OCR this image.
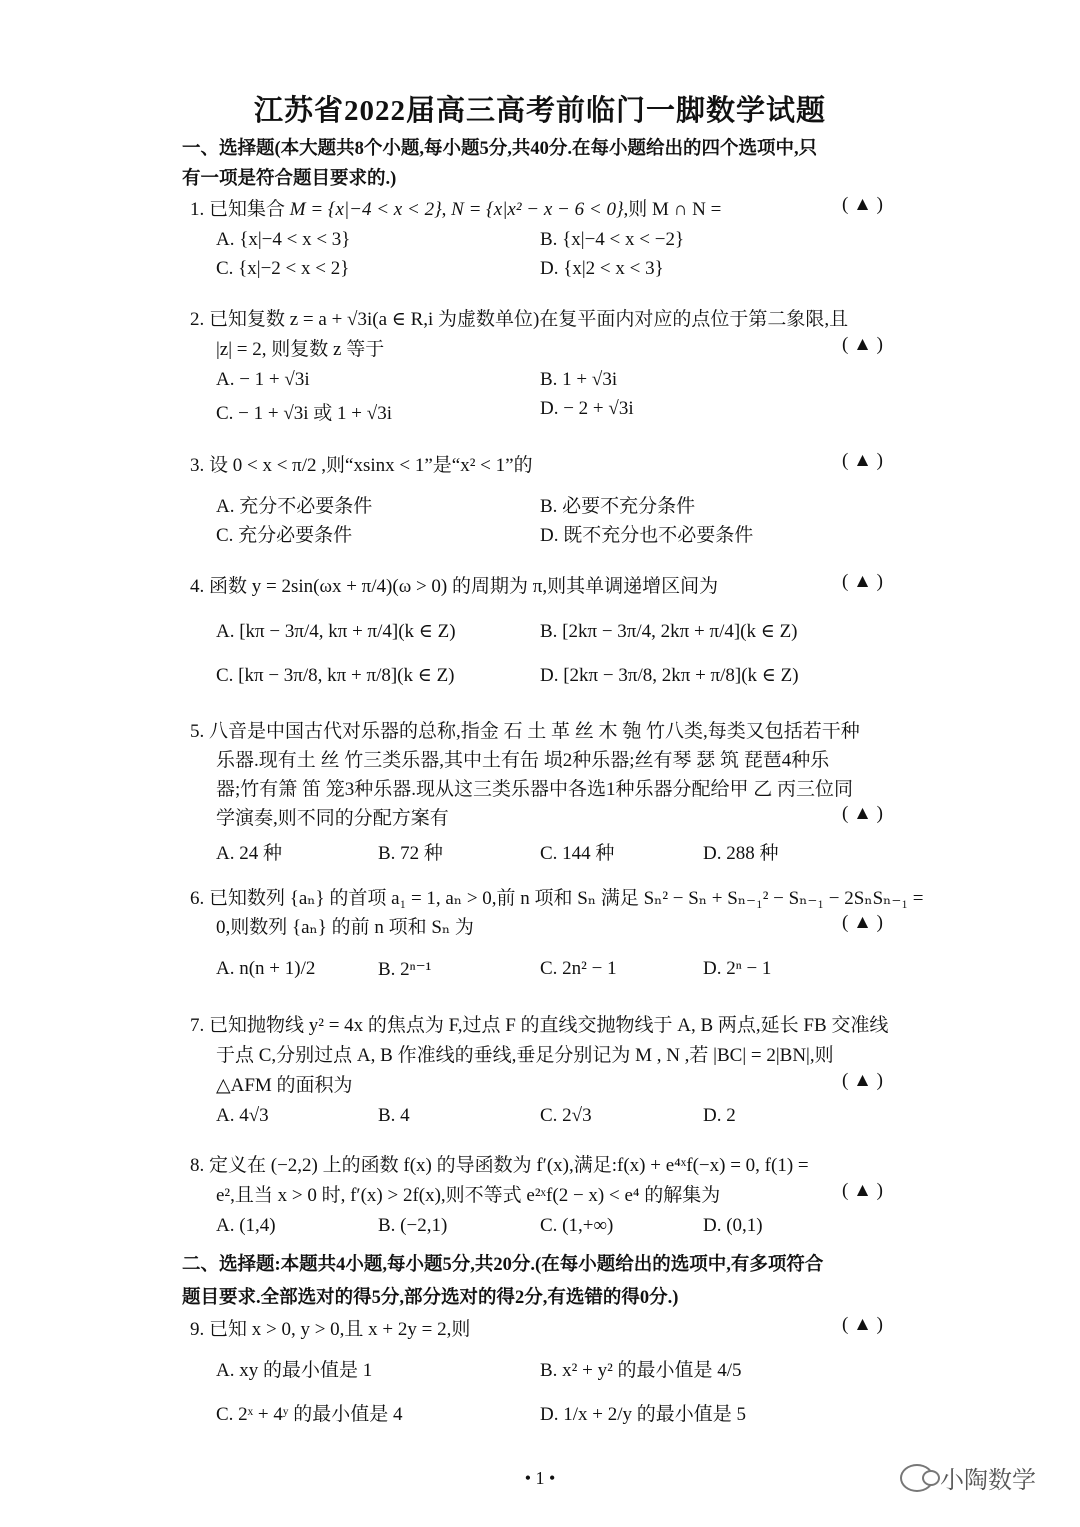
江苏省2022届高三高考前临门一脚数学试题
一、选择题(本大题共8个小题,每小题5分,共40分.在每小题给出的四个选项中,只
有一项是符合题目要求的.)
1. 已知集合 M = {x|−4 < x < 2}, N = {x|x² − x − 6 < 0},则 M ∩ N =	( ▲ )
A. {x|−4 < x < 3}	B. {x|−4 < x < −2}
C. {x|−2 < x < 2}	D. {x|2 < x < 3}
2. 已知复数 z = a + √3i(a ∈ R,i 为虚数单位)在复平面内对应的点位于第二象限,且
|z| = 2, 则复数 z 等于	( ▲ )
A. − 1 + √3i	B. 1 + √3i
C. − 1 + √3i 或 1 + √3i	D. − 2 + √3i
3. 设 0 < x < π/2 ,则“xsinx < 1”是“x² < 1”的	( ▲ )
A. 充分不必要条件	B. 必要不充分条件
C. 充分必要条件	D. 既不充分也不必要条件
4. 函数 y = 2sin(ωx + π/4)(ω > 0) 的周期为 π,则其单调递增区间为	( ▲ )
A. [kπ − 3π/4, kπ + π/4](k ∈ Z)	B. [2kπ − 3π/4, 2kπ + π/4](k ∈ Z)
C. [kπ − 3π/8, kπ + π/8](k ∈ Z)	D. [2kπ − 3π/8, 2kπ + π/8](k ∈ Z)
5. 八音是中国古代对乐器的总称,指金 石 土 革 丝 木 匏 竹八类,每类又包括若干种
乐器.现有土 丝 竹三类乐器,其中土有缶 埙2种乐器;丝有琴 瑟 筑 琵琶4种乐
器;竹有箫 笛 笼3种乐器.现从这三类乐器中各选1种乐器分配给甲 乙 丙三位同
学演奏,则不同的分配方案有	( ▲ )
A. 24 种	B. 72 种	C. 144 种	D. 288 种
6. 已知数列 {aₙ} 的首项 a₁ = 1, aₙ > 0,前 n 项和 Sₙ 满足 Sₙ² − Sₙ + Sₙ₋₁² − Sₙ₋₁ − 2SₙSₙ₋₁ =
0,则数列 {aₙ} 的前 n 项和 Sₙ 为	( ▲ )
A. n(n + 1)/2	B. 2ⁿ⁻¹	C. 2n² − 1	D. 2ⁿ − 1
7. 已知抛物线 y² = 4x 的焦点为 F,过点 F 的直线交抛物线于 A, B 两点,延长 FB 交准线
于点 C,分别过点 A, B 作准线的垂线,垂足分别记为 M , N ,若 |BC| = 2|BN|,则
△AFM 的面积为	( ▲ )
A. 4√3	B. 4	C. 2√3	D. 2
8. 定义在 (−2,2) 上的函数 f(x) 的导函数为 f′(x),满足:f(x) + e⁴ˣf(−x) = 0, f(1) =
e²,且当 x > 0 时, f′(x) > 2f(x),则不等式 e²ˣf(2 − x) < e⁴ 的解集为	( ▲ )
A. (1,4)	B. (−2,1)	C. (1,+∞)	D. (0,1)
二、选择题:本题共4小题,每小题5分,共20分.(在每小题给出的选项中,有多项符合
题目要求.全部选对的得5分,部分选对的得2分,有选错的得0分.)
9. 已知 x > 0, y > 0,且 x + 2y = 2,则	( ▲ )
A. xy 的最小值是 1	B. x² + y² 的最小值是 4/5
C. 2ˣ + 4ʸ 的最小值是 4	D. 1/x + 2/y 的最小值是 5
• 1 •	小陶数学
